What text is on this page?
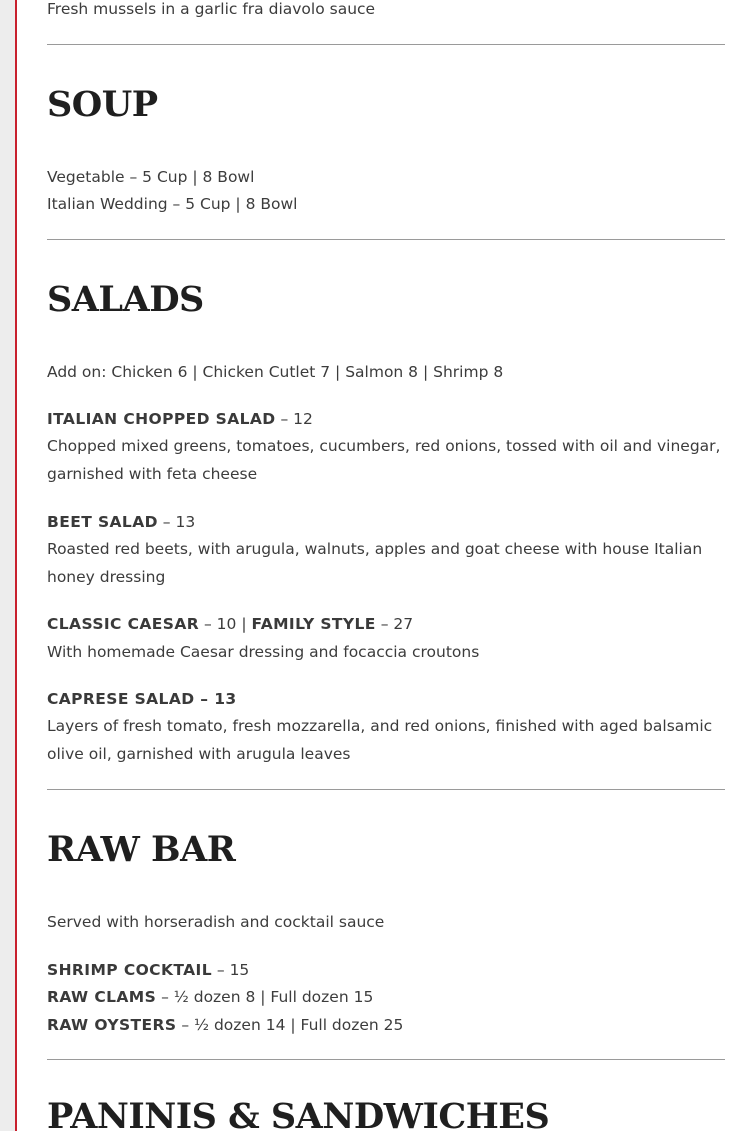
Fresh mussels in a garlic fra diavolo sauce

SOUP

Vegetable – 5 Cup | 8 Bowl

Italian Wedding – 5 Cup | 8 Bowl

SALADS

Add on: Chicken 6 | Chicken Cutlet 7 | Salmon 8 | Shrimp 8

ITALIAN CHOPPED SALAD – 12

Chopped mixed greens, tomatoes, cucumbers, red onions, tossed with oil and vinegar, garnished with feta cheese

BEET SALAD – 13

Roasted red beets, with arugula, walnuts, apples and goat cheese with house Italian honey dressing

CLASSIC CAESAR – 10 | FAMILY STYLE – 27

With homemade Caesar dressing and focaccia croutons

CAPRESE SALAD – 13

Layers of fresh tomato, fresh mozzarella, and red onions, finished with aged balsamic olive oil, garnished with arugula leaves

RAW BAR

Served with horseradish and cocktail sauce

SHRIMP COCKTAIL – 15

RAW CLAMS – ½ dozen 8 | Full dozen 15

RAW OYSTERS – ½ dozen 14 | Full dozen 25

PANINIS & SANDWICHES
